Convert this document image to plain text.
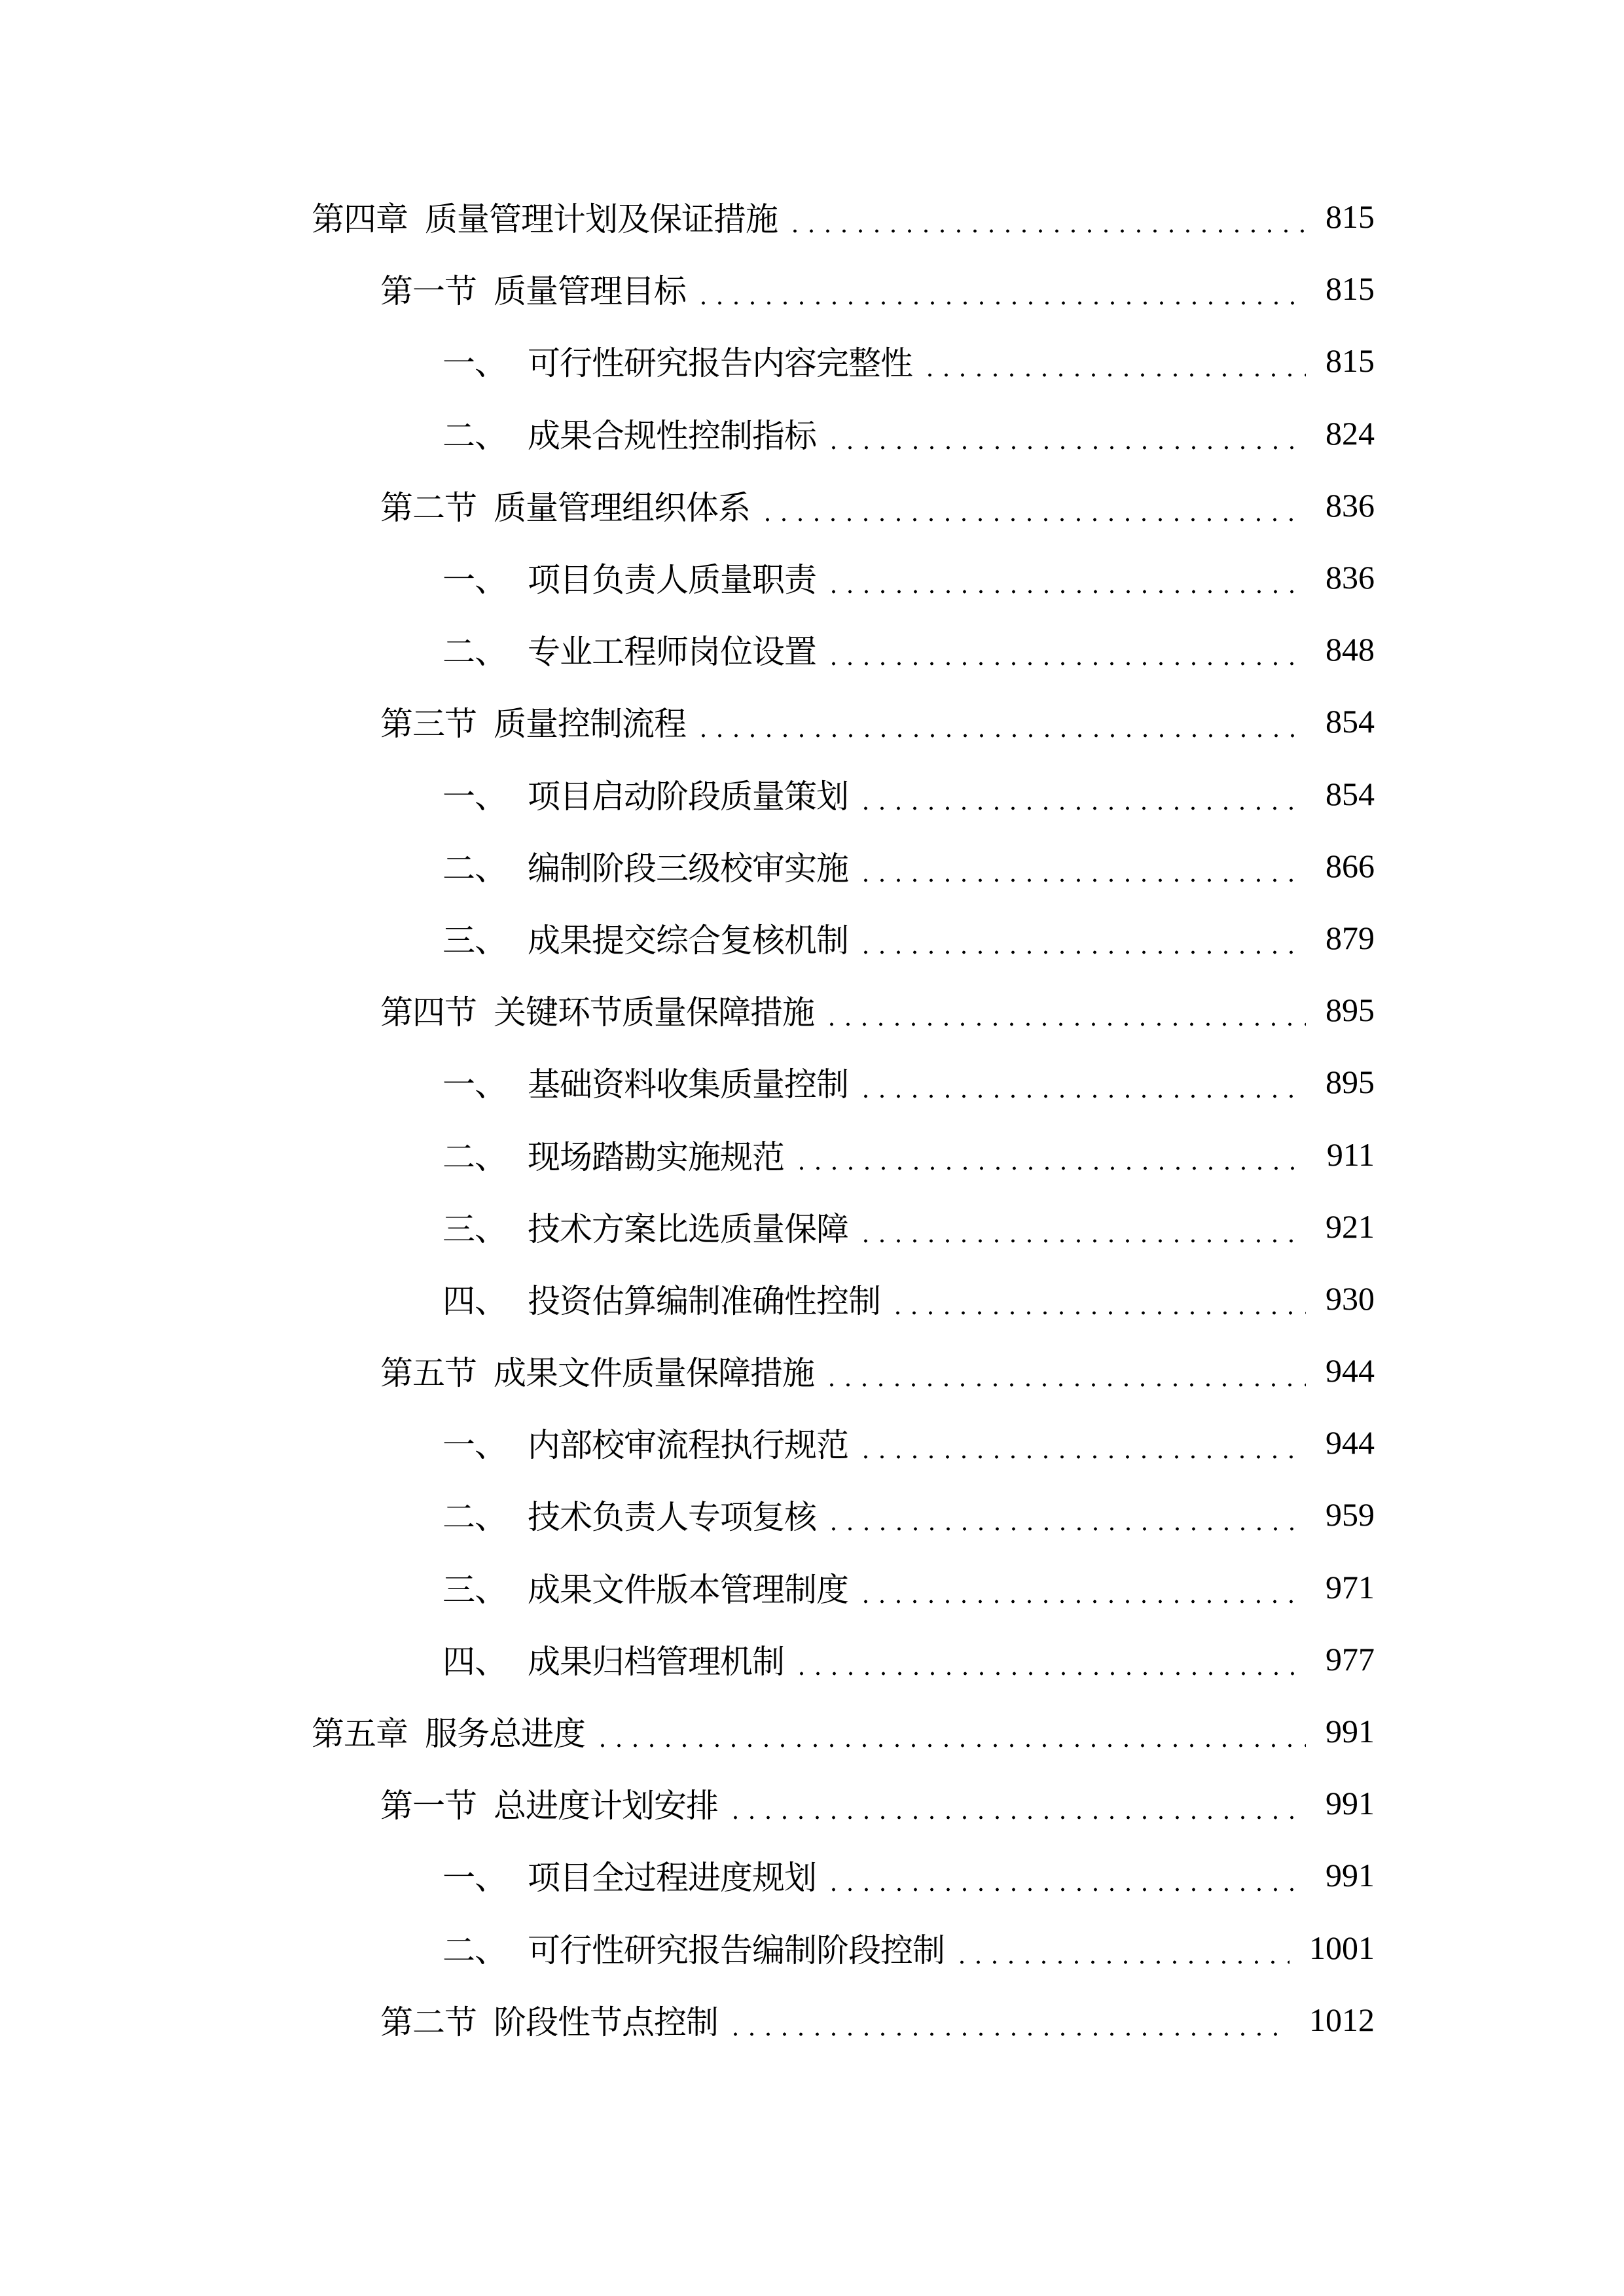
第四章 质量管理计划及保证措施	815
第一节 质量管理目标	815
一、 可行性研究报告内容完整性	815
二、 成果合规性控制指标	824
第二节 质量管理组织体系	836
一、 项目负责人质量职责	836
二、 专业工程师岗位设置	848
第三节 质量控制流程	854
一、 项目启动阶段质量策划	854
二、 编制阶段三级校审实施	866
三、 成果提交综合复核机制	879
第四节 关键环节质量保障措施	895
一、 基础资料收集质量控制	895
二、 现场踏勘实施规范	911
三、 技术方案比选质量保障	921
四、 投资估算编制准确性控制	930
第五节 成果文件质量保障措施	944
一、 内部校审流程执行规范	944
二、 技术负责人专项复核	959
三、 成果文件版本管理制度	971
四、 成果归档管理机制	977
第五章 服务总进度	991
第一节 总进度计划安排	991
一、 项目全过程进度规划	991
二、 可行性研究报告编制阶段控制	1001
第二节 阶段性节点控制	1012
